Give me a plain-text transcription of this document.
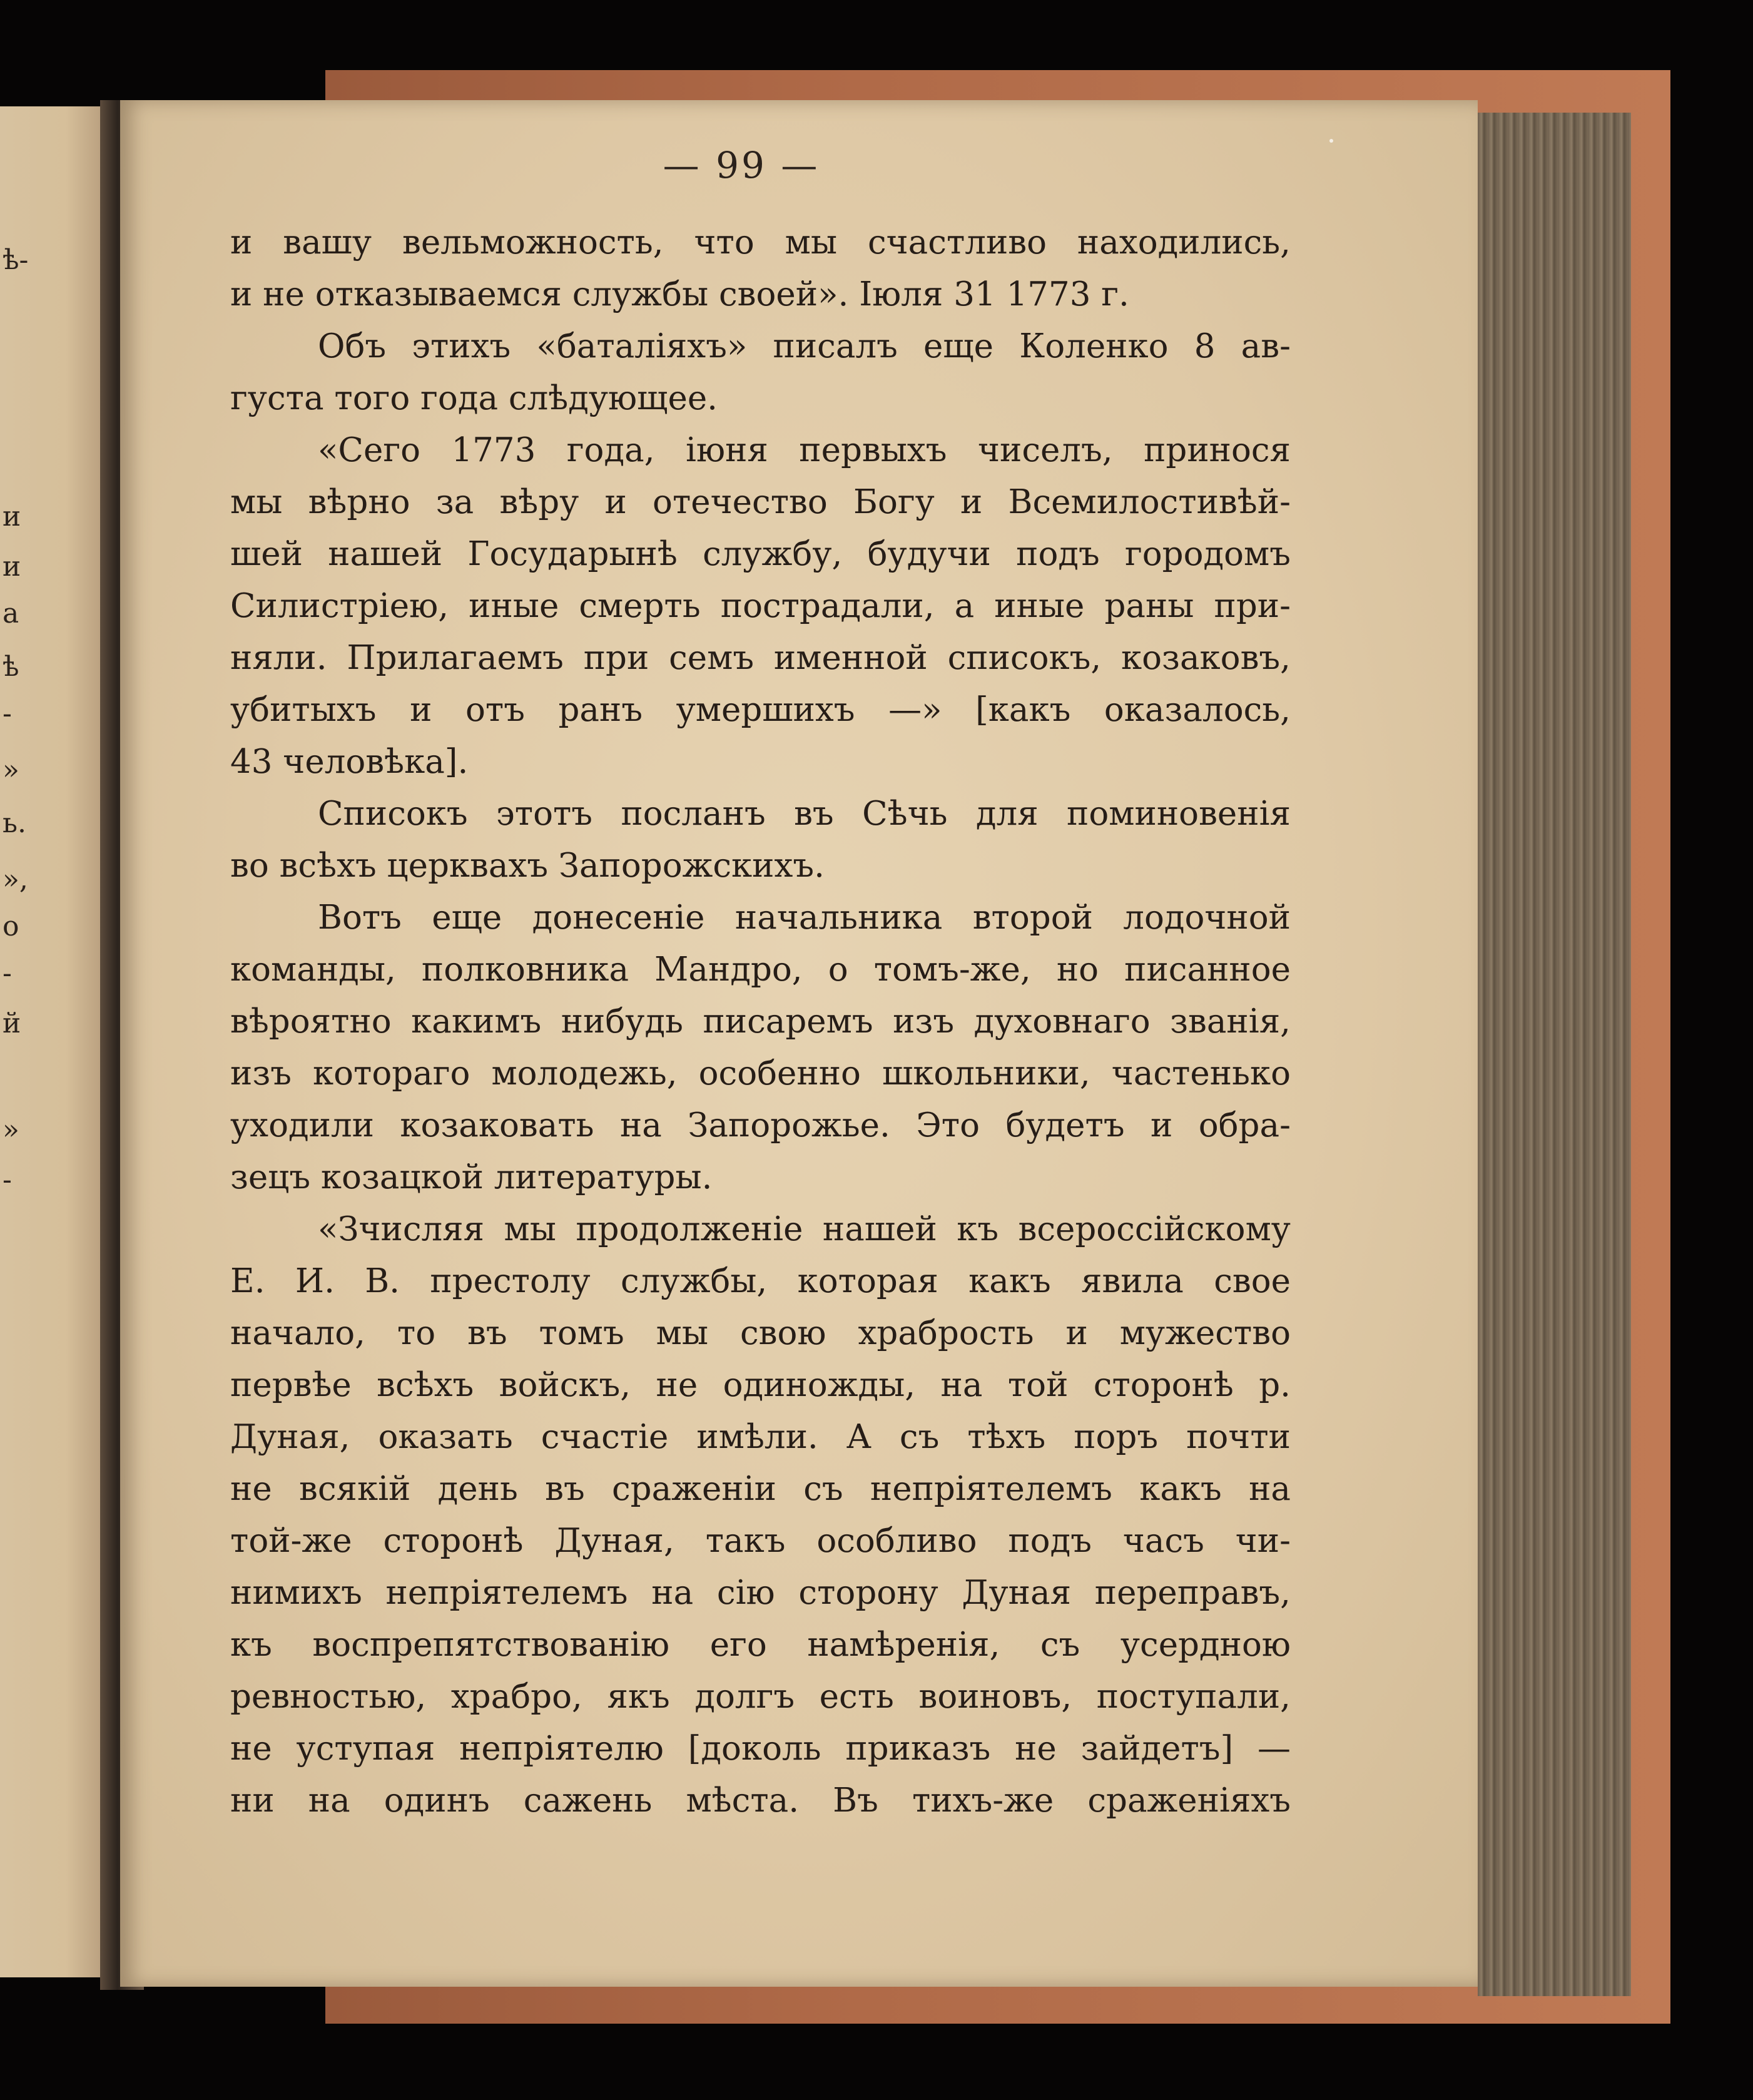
ѣ-
и
и
а
ѣ
-
»
ь.
»,
о
-
й
»
-
— 99 —
и вашу вельможность, что мы счастливо находились,
и не отказываемся службы своей». Іюля 31 1773 г.
Объ этихъ «баталіяхъ» писалъ еще Коленко 8 ав-
густа того года слѣдующее.
«Сего 1773 года, іюня первыхъ чиселъ, принося
мы вѣрно за вѣру и отечество Богу и Всемилостивѣй-
шей нашей Государынѣ службу, будучи подъ городомъ
Силистріею, иные смерть пострадали, а иные раны при-
няли. Прилагаемъ при семъ именной списокъ, козаковъ,
убитыхъ и отъ ранъ умершихъ —» [какъ оказалось,
43 человѣка].
Списокъ этотъ посланъ въ Сѣчь для поминовенія
во всѣхъ церквахъ Запорожскихъ.
Вотъ еще донесеніе начальника второй лодочной
команды, полковника Мандро, о томъ-же, но писанное
вѣроятно какимъ нибудь писаремъ изъ духовнаго званія,
изъ котораго молодежь, особенно школьники, частенько
уходили козаковать на Запорожье. Это будетъ и обра-
зецъ козацкой литературы.
«Зчисляя мы продолженіе нашей къ всероссійскому
Е. И. В. престолу службы, которая какъ явила свое
начало, то въ томъ мы свою храбрость и мужество
первѣе всѣхъ войскъ, не одиножды, на той сторонѣ р.
Дуная, оказать счастіе имѣли. А съ тѣхъ поръ почти
не всякій день въ сраженіи съ непріятелемъ какъ на
той-же сторонѣ Дуная, такъ особливо подъ часъ чи-
нимихъ непріятелемъ на сію сторону Дуная переправъ,
къ воспрепятствованію его намѣренія, съ усердною
ревностью, храбро, якъ долгъ есть воиновъ, поступали,
не уступая непріятелю [доколь приказъ не зайдетъ] —
ни на одинъ сажень мѣста. Въ тихъ-же сраженіяхъ
